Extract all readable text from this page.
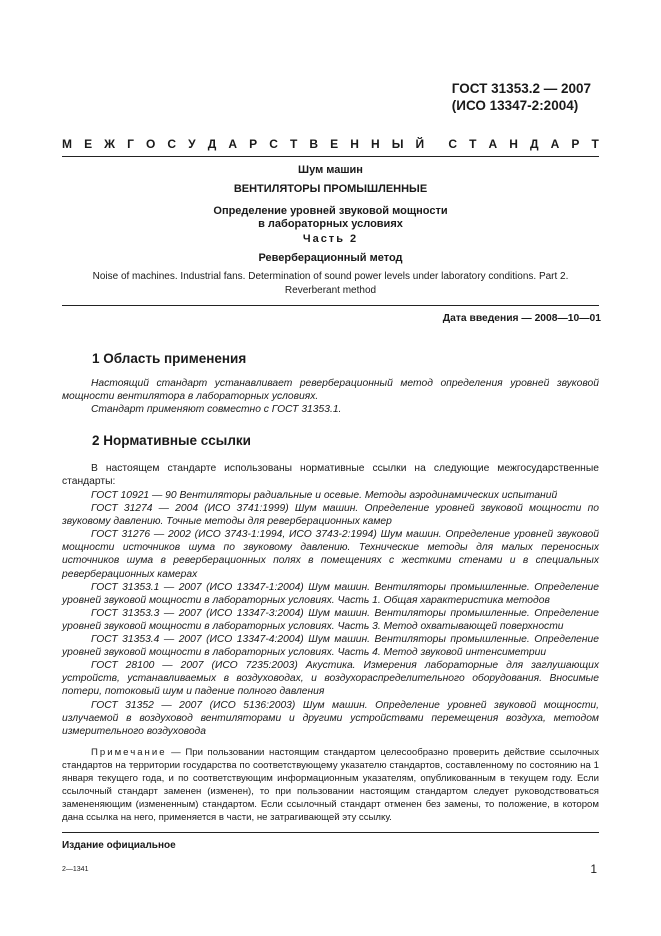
ГОСТ 31353.2 — 2007
(ИСО 13347-2:2004)
М Е Ж Г О С У Д А Р С Т В Е Н Н Ы Й С Т А Н Д А Р Т
Шум машин
ВЕНТИЛЯТОРЫ ПРОМЫШЛЕННЫЕ
Определение уровней звуковой мощности
в лабораторных условиях
Часть 2
Реверберационный метод
Noise of machines. Industrial fans. Determination of sound power levels under laboratory conditions. Part 2.
Reverberant method
Дата введения — 2008—10—01
1 Область применения

Настоящий стандарт устанавливает реверберационный метод определения уровней звуковой мощности вентилятора в лабораторных условиях.

Стандарт применяют совместно с ГОСТ 31353.1.

2 Нормативные ссылки

В настоящем стандарте использованы нормативные ссылки на следующие межгосударственные стандарты:

ГОСТ 10921 — 90 Вентиляторы радиальные и осевые. Методы аэродинамических испытаний

ГОСТ 31274 — 2004 (ИСО 3741:1999) Шум машин. Определение уровней звуковой мощности по звуковому давлению. Точные методы для реверберационных камер

ГОСТ 31276 — 2002 (ИСО 3743-1:1994, ИСО 3743-2:1994) Шум машин. Определение уровней звуковой мощности источников шума по звуковому давлению. Технические методы для малых переносных источников шума в реверберационных полях в помещениях с жесткими стенами и в специальных реверберационных камерах

ГОСТ 31353.1 — 2007 (ИСО 13347-1:2004) Шум машин. Вентиляторы промышленные. Определение уровней звуковой мощности в лабораторных условиях. Часть 1. Общая характеристика методов

ГОСТ 31353.3 — 2007 (ИСО 13347-3:2004) Шум машин. Вентиляторы промышленные. Определение уровней звуковой мощности в лабораторных условиях. Часть 3. Метод охватывающей поверхности

ГОСТ 31353.4 — 2007 (ИСО 13347-4:2004) Шум машин. Вентиляторы промышленные. Определение уровней звуковой мощности в лабораторных условиях. Часть 4. Метод звуковой интенсиметрии

ГОСТ 28100 — 2007 (ИСО 7235:2003) Акустика. Измерения лабораторные для заглушающих устройств, устанавливаемых в воздуховодах, и воздухораспределительного оборудования. Вносимые потери, потоковый шум и падение полного давления

ГОСТ 31352 — 2007 (ИСО 5136:2003) Шум машин. Определение уровней звуковой мощности, излучаемой в воздуховод вентиляторами и другими устройствами перемещения воздуха, методом измерительного воздуховода

Примечание — При пользовании настоящим стандартом целесообразно проверить действие ссылочных стандартов на территории государства по соответствующему указателю стандартов, составленному по состоянию на 1 января текущего года, и по соответствующим информационным указателям, опубликованным в текущем году. Если ссылочный стандарт заменен (изменен), то при пользовании настоящим стандартом следует руководствоваться замененяющим (измененным) стандартом. Если ссылочный стандарт отменен без замены, то положение, в котором дана ссылка на него, применяется в части, не затрагивающей эту ссылку.
Издание официальное
2—1341	1
